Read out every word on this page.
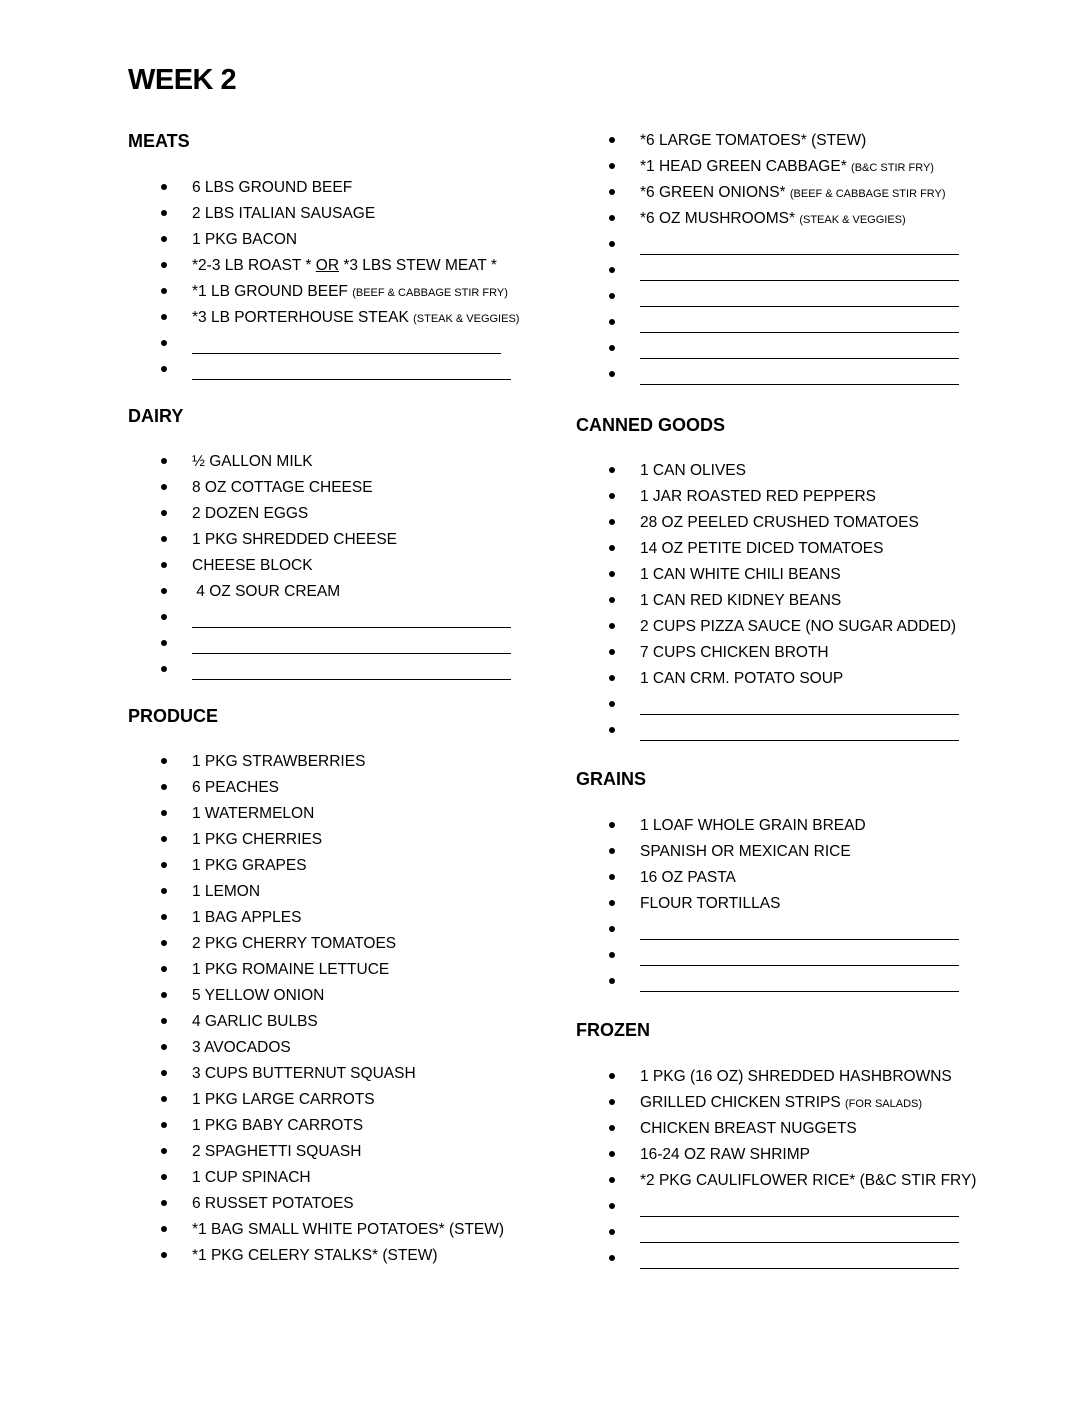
WEEK 2
MEATS
6 LBS GROUND BEEF
2 LBS ITALIAN SAUSAGE
1 PKG BACON
*2-3 LB ROAST * OR *3 LBS STEW MEAT *
*1 LB GROUND BEEF (BEEF & CABBAGE STIR FRY)
*3 LB PORTERHOUSE STEAK (STEAK & VEGGIES)
DAIRY
½ GALLON MILK
8 OZ COTTAGE CHEESE
2 DOZEN EGGS
1 PKG SHREDDED CHEESE
CHEESE BLOCK
4 OZ SOUR CREAM
PRODUCE
1 PKG STRAWBERRIES
6 PEACHES
1 WATERMELON
1 PKG CHERRIES
1 PKG GRAPES
1 LEMON
1 BAG APPLES
2 PKG CHERRY TOMATOES
1 PKG ROMAINE LETTUCE
5 YELLOW ONION
4 GARLIC BULBS
3 AVOCADOS
3 CUPS BUTTERNUT SQUASH
1 PKG LARGE CARROTS
1 PKG BABY CARROTS
2 SPAGHETTI SQUASH
1 CUP SPINACH
6 RUSSET POTATOES
*1 BAG SMALL WHITE POTATOES* (STEW)
*1 PKG CELERY STALKS* (STEW)
*6 LARGE TOMATOES* (STEW)
*1 HEAD GREEN CABBAGE* (B&C STIR FRY)
*6 GREEN ONIONS* (BEEF & CABBAGE STIR FRY)
*6 OZ MUSHROOMS* (STEAK & VEGGIES)
CANNED GOODS
1 CAN OLIVES
1 JAR ROASTED RED PEPPERS
28 OZ PEELED CRUSHED TOMATOES
14 OZ PETITE DICED TOMATOES
1 CAN WHITE CHILI BEANS
1 CAN RED KIDNEY BEANS
2 CUPS PIZZA SAUCE (NO SUGAR ADDED)
7 CUPS CHICKEN BROTH
1 CAN CRM. POTATO SOUP
GRAINS
1 LOAF WHOLE GRAIN BREAD
SPANISH OR MEXICAN RICE
16 OZ PASTA
FLOUR TORTILLAS
FROZEN
1 PKG (16 OZ) SHREDDED HASHBROWNS
GRILLED CHICKEN STRIPS (FOR SALADS)
CHICKEN BREAST NUGGETS
16-24 OZ RAW SHRIMP
*2 PKG CAULIFLOWER RICE* (B&C STIR FRY)
